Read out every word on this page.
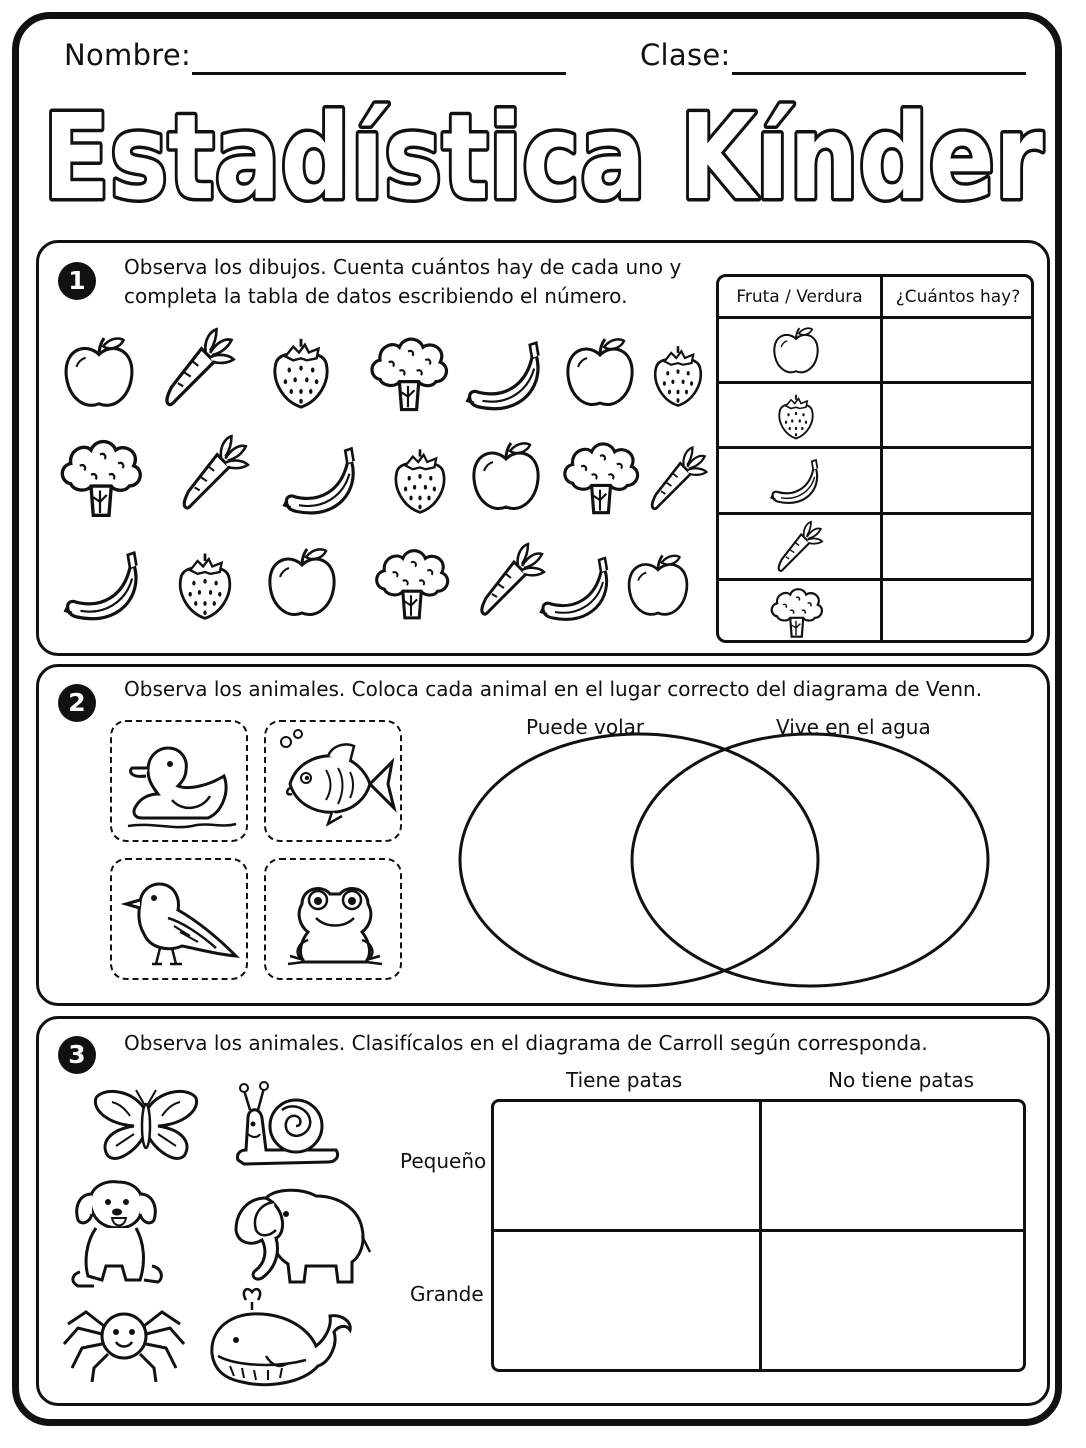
Nombre:	Clase:
Estadística Kínder
1	Observa los dibujos. Cuenta cuántos hay de cada uno y
completa la tabla de datos escribiendo el número.	Fruta / Verdura	¿Cuántos hay?
2	Observa los animales. Coloca cada animal en el lugar correcto del diagrama de Venn.
Puede volar	Vive en el agua
3	Observa los animales. Clasifícalos en el diagrama de Carroll según corresponda.
Tiene patas	No tiene patas
Pequeño
Grande
